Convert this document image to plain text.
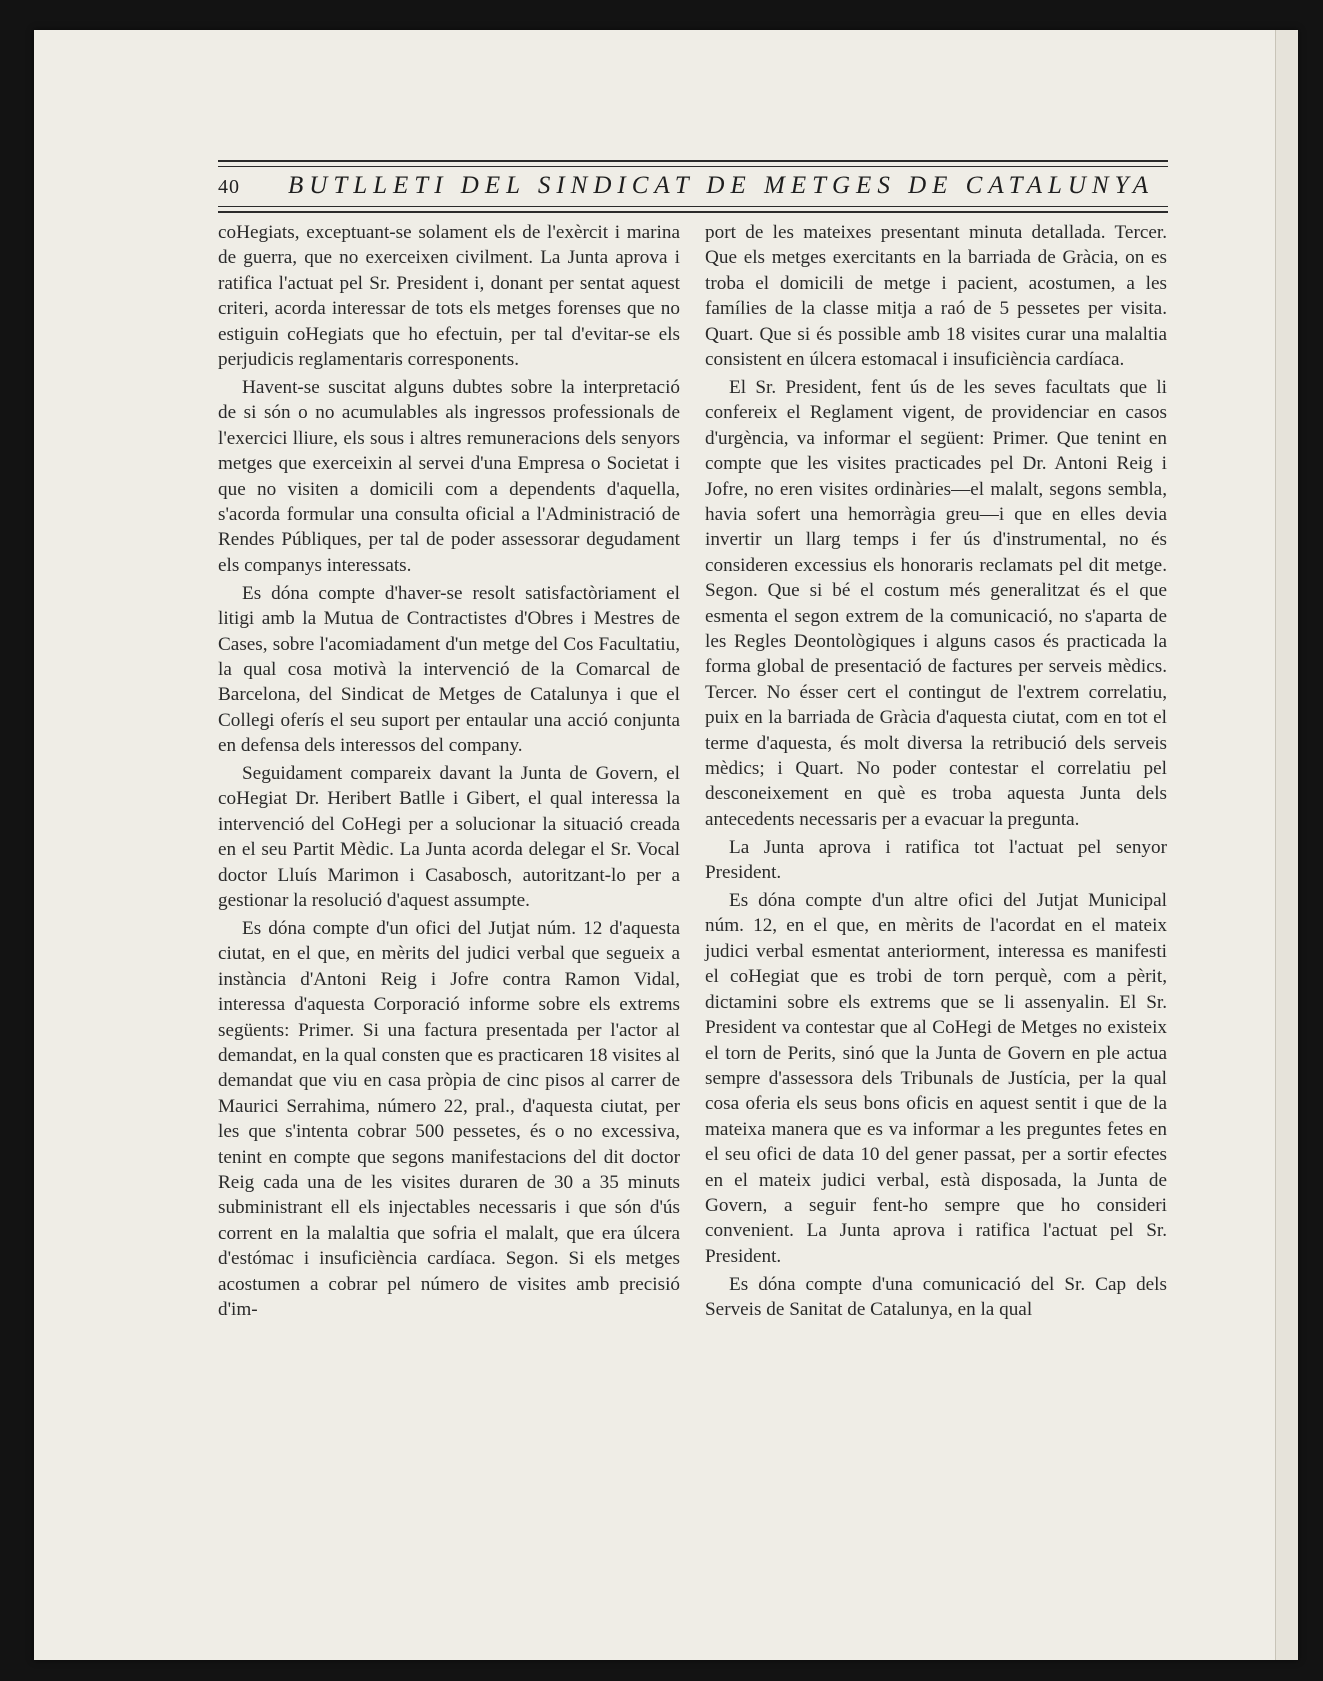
40 BUTLLETI DEL SINDICAT DE METGES DE CATALUNYA

coHegiats, exceptuant-se solament els de l'exèrcit i marina de guerra, que no exerceixen civilment. La Junta aprova i ratifica l'actuat pel Sr. President i, donant per sentat aquest criteri, acorda interessar de tots els metges forenses que no estiguin coHegiats que ho efectuin, per tal d'evitar-se els perjudicis reglamentaris corresponents.

Havent-se suscitat alguns dubtes sobre la interpretació de si són o no acumulables als ingressos professionals de l'exercici lliure, els sous i altres remuneracions dels senyors metges que exerceixin al servei d'una Empresa o Societat i que no visiten a domicili com a dependents d'aquella, s'acorda formular una consulta oficial a l'Administració de Rendes Públiques, per tal de poder assessorar degudament els companys interessats.

Es dóna compte d'haver-se resolt satisfactòriament el litigi amb la Mutua de Contractistes d'Obres i Mestres de Cases, sobre l'acomiadament d'un metge del Cos Facultatiu, la qual cosa motivà la intervenció de la Comarcal de Barcelona, del Sindicat de Metges de Catalunya i que el Collegi oferís el seu suport per entaular una acció conjunta en defensa dels interessos del company.

Seguidament compareix davant la Junta de Govern, el coHegiat Dr. Heribert Batlle i Gibert, el qual interessa la intervenció del CoHegi per a solucionar la situació creada en el seu Partit Mèdic. La Junta acorda delegar el Sr. Vocal doctor Lluís Marimon i Casabosch, autoritzant-lo per a gestionar la resolució d'aquest assumpte.

Es dóna compte d'un ofici del Jutjat núm. 12 d'aquesta ciutat, en el que, en mèrits del judici verbal que segueix a instància d'Antoni Reig i Jofre contra Ramon Vidal, interessa d'aquesta Corporació informe sobre els extrems següents: Primer. Si una factura presentada per l'actor al demandat, en la qual consten que es practicaren 18 visites al demandat que viu en casa pròpia de cinc pisos al carrer de Maurici Serrahima, número 22, pral., d'aquesta ciutat, per les que s'intenta cobrar 500 pessetes, és o no excessiva, tenint en compte que segons manifestacions del dit doctor Reig cada una de les visites duraren de 30 a 35 minuts subministrant ell els injectables necessaris i que són d'ús corrent en la malaltia que sofria el malalt, que era úlcera d'estómac i insuficiència cardíaca. Segon. Si els metges acostumen a cobrar pel número de visites amb precisió d'im-

port de les mateixes presentant minuta detallada. Tercer. Que els metges exercitants en la barriada de Gràcia, on es troba el domicili de metge i pacient, acostumen, a les famílies de la classe mitja a raó de 5 pessetes per visita. Quart. Que si és possible amb 18 visites curar una malaltia consistent en úlcera estomacal i insuficiència cardíaca.

El Sr. President, fent ús de les seves facultats que li confereix el Reglament vigent, de providenciar en casos d'urgència, va informar el següent: Primer. Que tenint en compte que les visites practicades pel Dr. Antoni Reig i Jofre, no eren visites ordinàries—el malalt, segons sembla, havia sofert una hemorràgia greu—i que en elles devia invertir un llarg temps i fer ús d'instrumental, no és consideren excessius els honoraris reclamats pel dit metge. Segon. Que si bé el costum més generalitzat és el que esmenta el segon extrem de la comunicació, no s'aparta de les Regles Deontològiques i alguns casos és practicada la forma global de presentació de factures per serveis mèdics. Tercer. No ésser cert el contingut de l'extrem correlatiu, puix en la barriada de Gràcia d'aquesta ciutat, com en tot el terme d'aquesta, és molt diversa la retribució dels serveis mèdics; i Quart. No poder contestar el correlatiu pel desconeixement en què es troba aquesta Junta dels antecedents necessaris per a evacuar la pregunta.

La Junta aprova i ratifica tot l'actuat pel senyor President.

Es dóna compte d'un altre ofici del Jutjat Municipal núm. 12, en el que, en mèrits de l'acordat en el mateix judici verbal esmentat anteriorment, interessa es manifesti el coHegiat que es trobi de torn perquè, com a pèrit, dictamini sobre els extrems que se li assenyalin. El Sr. President va contestar que al CoHegi de Metges no existeix el torn de Perits, sinó que la Junta de Govern en ple actua sempre d'assessora dels Tribunals de Justícia, per la qual cosa oferia els seus bons oficis en aquest sentit i que de la mateixa manera que es va informar a les preguntes fetes en el seu ofici de data 10 del gener passat, per a sortir efectes en el mateix judici verbal, està disposada, la Junta de Govern, a seguir fent-ho sempre que ho consideri convenient. La Junta aprova i ratifica l'actuat pel Sr. President.

Es dóna compte d'una comunicació del Sr. Cap dels Serveis de Sanitat de Catalunya, en la qual
